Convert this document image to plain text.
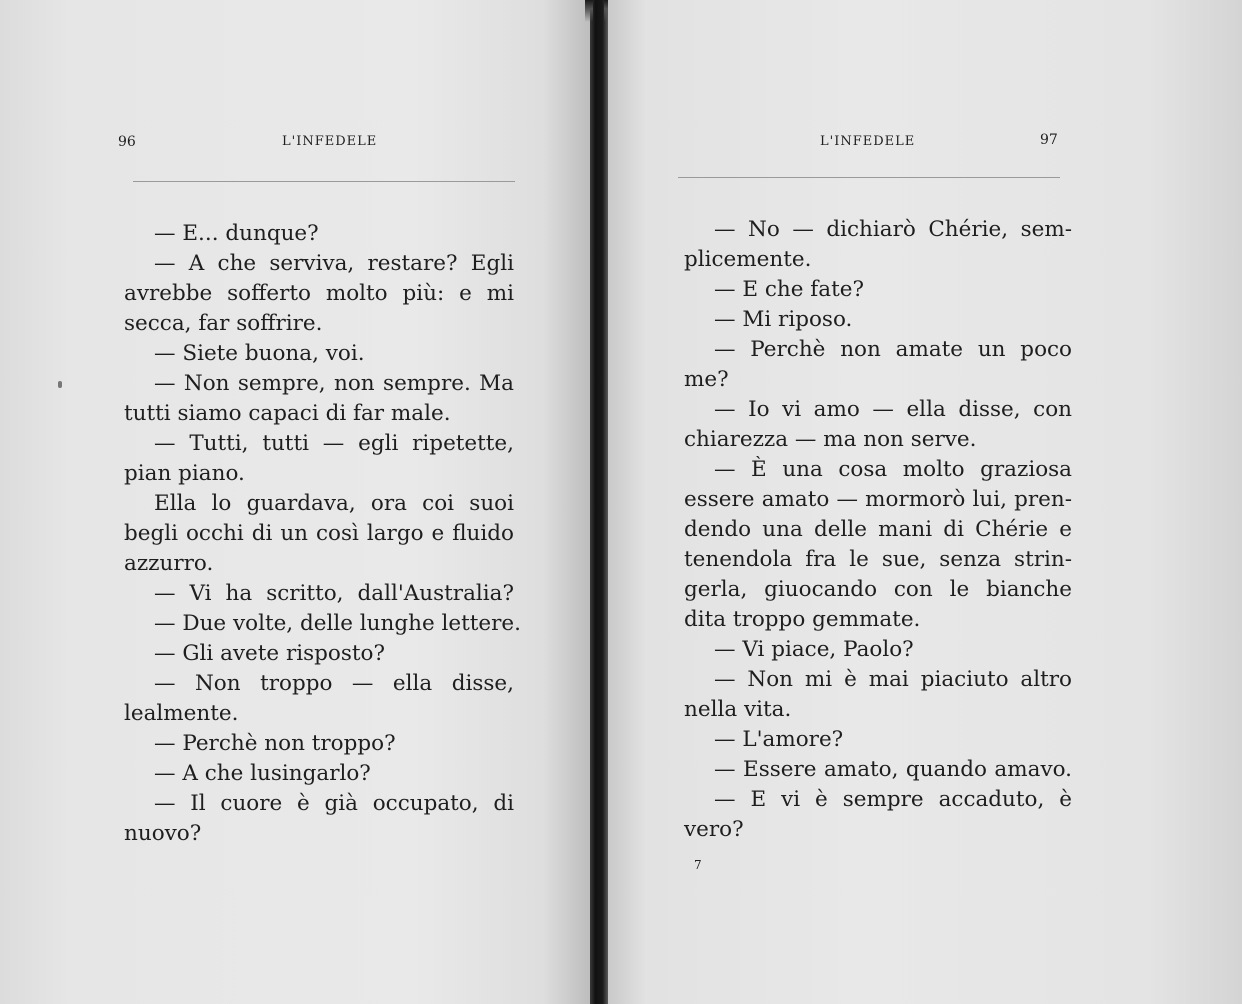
96	L'INFEDELE
— E... dunque?
— A che serviva, restare? Egli
avrebbe sofferto molto più: e mi
secca, far soffrire.
— Siete buona, voi.
— Non sempre, non sempre. Ma
tutti siamo capaci di far male.
— Tutti, tutti — egli ripetette,
pian piano.
Ella lo guardava, ora coi suoi
begli occhi di un così largo e fluido
azzurro.
— Vi ha scritto, dall'Australia?
— Due volte, delle lunghe lettere.
— Gli avete risposto?
— Non troppo — ella disse,
lealmente.
— Perchè non troppo?
— A che lusingarlo?
— Il cuore è già occupato, di
nuovo?
L'INFEDELE	97
— No — dichiarò Chérie, sem-
plicemente.
— E che fate?
— Mi riposo.
— Perchè non amate un poco
me?
— Io vi amo — ella disse, con
chiarezza — ma non serve.
— È una cosa molto graziosa
essere amato — mormorò lui, pren-
dendo una delle mani di Chérie e
tenendola fra le sue, senza strin-
gerla, giuocando con le bianche
dita troppo gemmate.
— Vi piace, Paolo?
— Non mi è mai piaciuto altro
nella vita.
— L'amore?
— Essere amato, quando amavo.
— E vi è sempre accaduto, è
vero?
7
